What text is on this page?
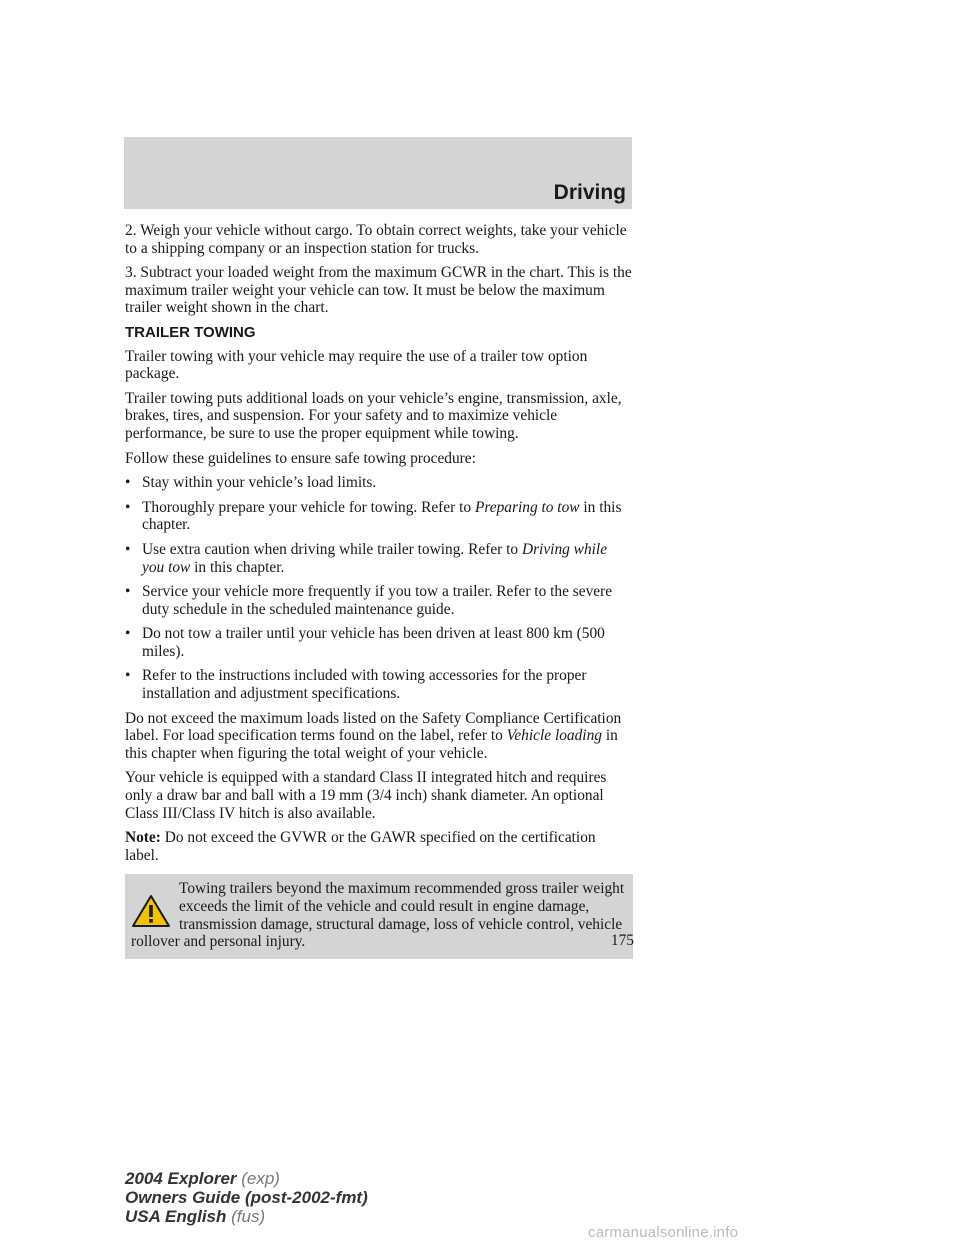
Driving

2. Weigh your vehicle without cargo. To obtain correct weights, take your vehicle to a shipping company or an inspection station for trucks.

3. Subtract your loaded weight from the maximum GCWR in the chart. This is the maximum trailer weight your vehicle can tow. It must be below the maximum trailer weight shown in the chart.

TRAILER TOWING

Trailer towing with your vehicle may require the use of a trailer tow option package.

Trailer towing puts additional loads on your vehicle’s engine, transmission, axle, brakes, tires, and suspension. For your safety and to maximize vehicle performance, be sure to use the proper equipment while towing.

Follow these guidelines to ensure safe towing procedure:

• Stay within your vehicle’s load limits.
• Thoroughly prepare your vehicle for towing. Refer to Preparing to tow in this chapter.
• Use extra caution when driving while trailer towing. Refer to Driving while you tow in this chapter.
• Service your vehicle more frequently if you tow a trailer. Refer to the severe duty schedule in the scheduled maintenance guide.
• Do not tow a trailer until your vehicle has been driven at least 800 km (500 miles).
• Refer to the instructions included with towing accessories for the proper installation and adjustment specifications.

Do not exceed the maximum loads listed on the Safety Compliance Certification label. For load specification terms found on the label, refer to Vehicle loading in this chapter when figuring the total weight of your vehicle.

Your vehicle is equipped with a standard Class II integrated hitch and requires only a draw bar and ball with a 19 mm (3/4 inch) shank diameter. An optional Class III/Class IV hitch is also available.

Note: Do not exceed the GVWR or the GAWR specified on the certification label.

Towing trailers beyond the maximum recommended gross trailer weight exceeds the limit of the vehicle and could result in engine damage, transmission damage, structural damage, loss of vehicle control, vehicle rollover and personal injury.	175
2004 Explorer (exp)
Owners Guide (post-2002-fmt)
USA English (fus)
carmanualsonline.info
